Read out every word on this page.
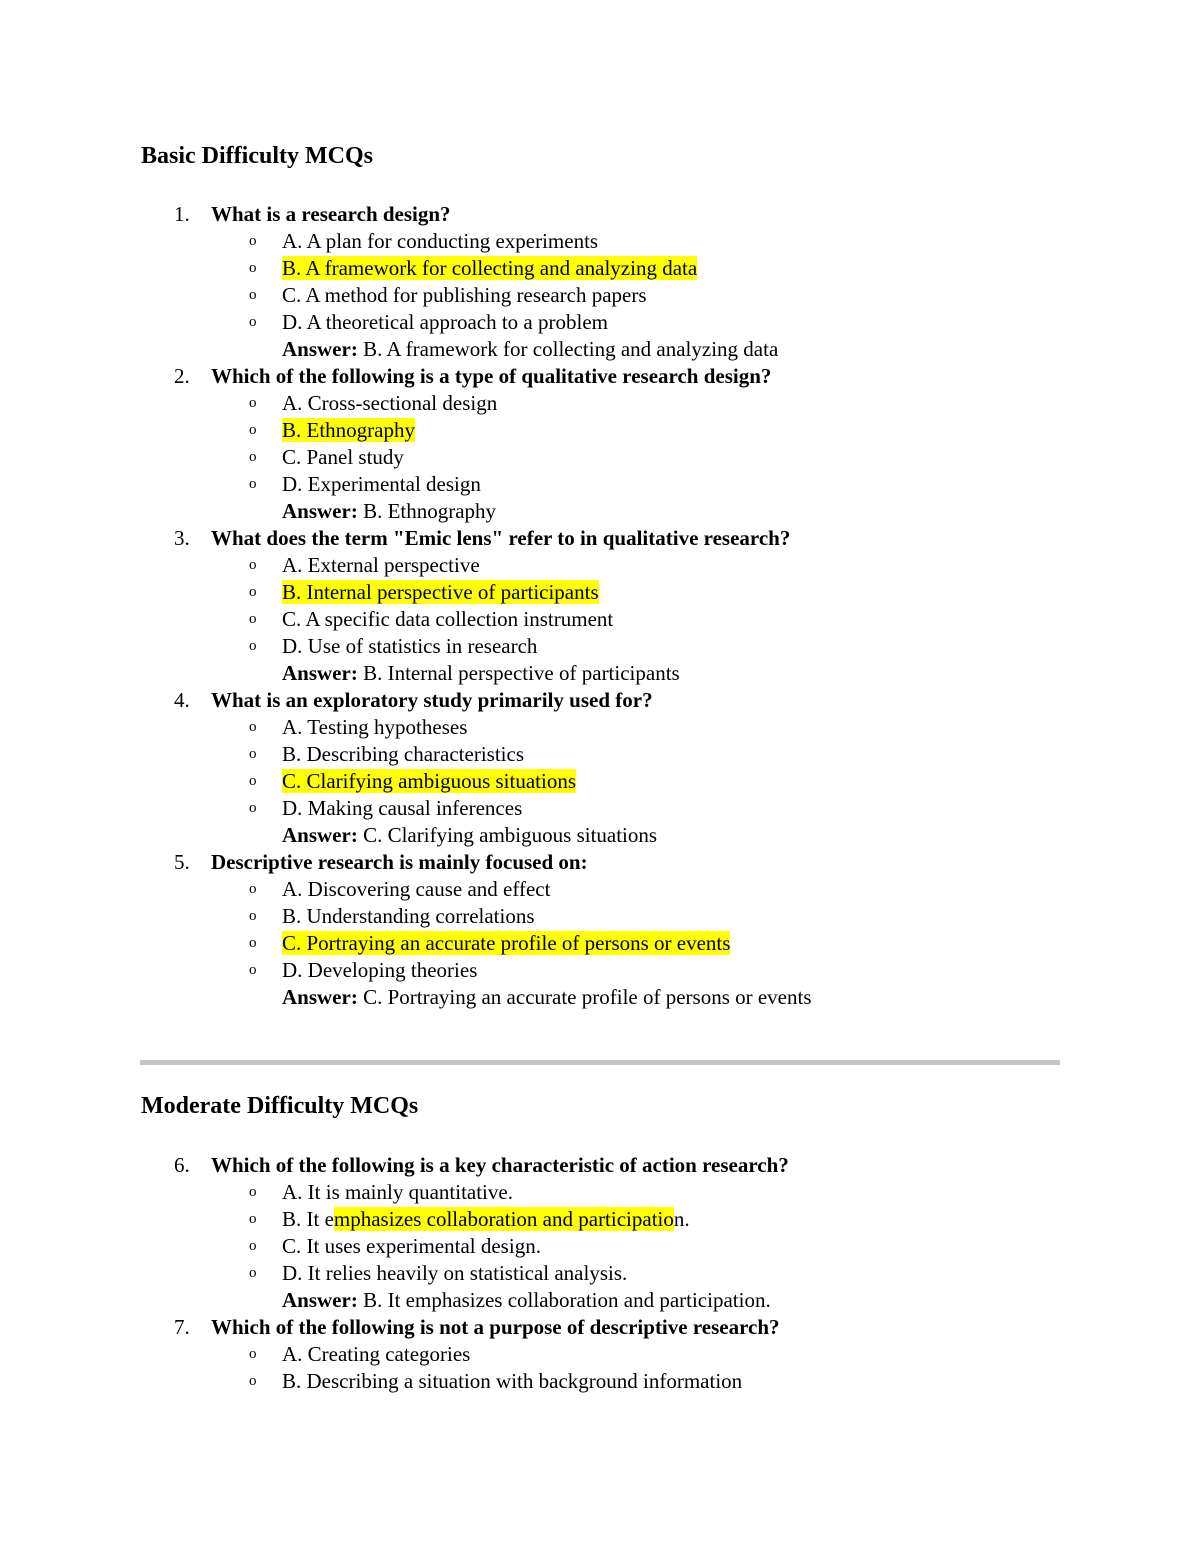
Basic Difficulty MCQs
1.	What is a research design?
o A. A plan for conducting experiments
o B. A framework for collecting and analyzing data
o C. A method for publishing research papers
o D. A theoretical approach to a problem
Answer: B. A framework for collecting and analyzing data
2.	Which of the following is a type of qualitative research design?
o A. Cross-sectional design
o B. Ethnography
o C. Panel study
o D. Experimental design
Answer: B. Ethnography
3.	What does the term "Emic lens" refer to in qualitative research?
o A. External perspective
o B. Internal perspective of participants
o C. A specific data collection instrument
o D. Use of statistics in research
Answer: B. Internal perspective of participants
4.	What is an exploratory study primarily used for?
o A. Testing hypotheses
o B. Describing characteristics
o C. Clarifying ambiguous situations
o D. Making causal inferences
Answer: C. Clarifying ambiguous situations
5.	Descriptive research is mainly focused on:
o A. Discovering cause and effect
o B. Understanding correlations
o C. Portraying an accurate profile of persons or events
o D. Developing theories
Answer: C. Portraying an accurate profile of persons or events
Moderate Difficulty MCQs
6.	Which of the following is a key characteristic of action research?
o A. It is mainly quantitative.
o B. It emphasizes collaboration and participation.
o C. It uses experimental design.
o D. It relies heavily on statistical analysis.
Answer: B. It emphasizes collaboration and participation.
7.	Which of the following is not a purpose of descriptive research?
o A. Creating categories
o B. Describing a situation with background information
